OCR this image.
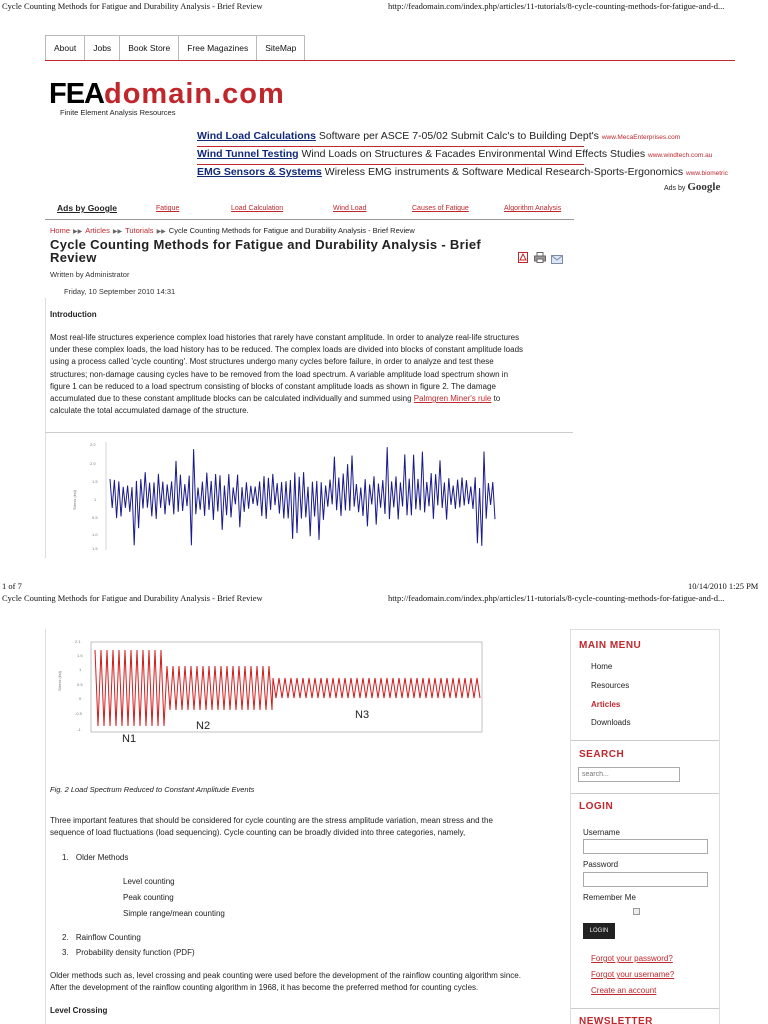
Cycle Counting Methods for Fatigue and Durability Analysis - Brief Review	http://feadomain.com/index.php/articles/11-tutorials/8-cycle-counting-methods-for-fatigue-and-d...
About	Jobs	Book Store	Free Magazines	SiteMap
FEAdomain.com
Finite Element Analysis Resources
Wind Load Calculations Software per ASCE 7-05/02 Submit Calc's to Building Dept's www.MecaEnterprises.com
Wind Tunnel Testing Wind Loads on Structures & Facades Environmental Wind Effects Studies www.windtech.com.au
EMG Sensors & Systems Wireless EMG instruments & Software Medical Research-Sports-Ergonomics www.biometric
Ads by Google
Ads by Google	Fatigue	Load Calculation	Wind Load	Causes of Fatigue	Algorithm Analysis
Home ▶▶ Articles ▶▶ Tutorials ▶▶ Cycle Counting Methods for Fatigue and Durability Analysis - Brief Review
Cycle Counting Methods for Fatigue and Durability Analysis - Brief Review
Written by Administrator
Friday, 10 September 2010 14:31
Introduction
Most real-life structures experience complex load histories that rarely have constant amplitude. In order to analyze real-life structures
under these complex loads, the load history has to be reduced. The complex loads are divided into blocks of constant amplitude loads
using a process called 'cycle counting'. Most structures undergo many cycles before failure, in order to analyze and test these
structures; non-damage causing cycles have to be removed from the load spectrum. A variable amplitude load spectrum shown in
figure 1 can be reduced to a load spectrum consisting of blocks of constant amplitude loads as shown in figure 2. The damage
accumulated due to these constant amplitude blocks can be calculated individually and summed using Palmgren Miner's rule to
calculate the total accumulated damage of the structure.
2.2
2.0
1.5
1
0.5
1.0
1.5
Stress (ksi)
1 of 7	10/14/2010 1:25 PM
Cycle Counting Methods for Fatigue and Durability Analysis - Brief Review	http://feadomain.com/index.php/articles/11-tutorials/8-cycle-counting-methods-for-fatigue-and-d...
2.1
1.5
1
0.5
0
-0.5
-1
Stress (ksi)
N1
N2
N3
Fig. 2 Load Spectrum Reduced to Constant Amplitude Events
Three important features that should be considered for cycle counting are the stress amplitude variation, mean stress and the
sequence of load fluctuations (load sequencing). Cycle counting can be broadly divided into three categories, namely,
1. Older Methods
Level counting
Peak counting
Simple range/mean counting
2. Rainflow Counting
3. Probability density function (PDF)
Older methods such as, level crossing and peak counting were used before the development of the rainflow counting algorithm since.
After the development of the rainflow counting algorithm in 1968, it has become the preferred method for counting cycles.
Level Crossing
MAIN MENU
Home
Resources
Articles
Downloads
SEARCH
search...
LOGIN
Username
Password
Remember Me
LOGIN
Forgot your password?
Forgot your username?
Create an account
NEWSLETTER
